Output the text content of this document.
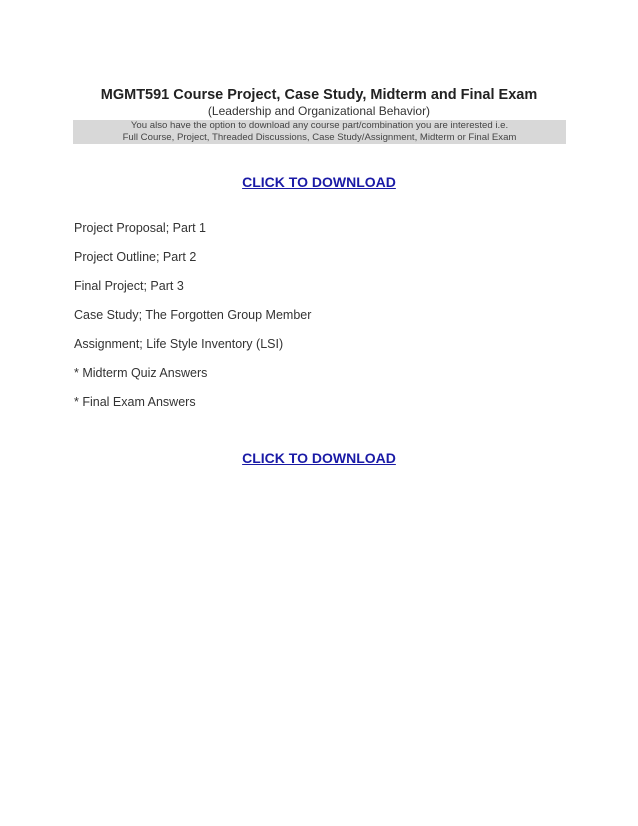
MGMT591 Course Project, Case Study, Midterm and Final Exam
(Leadership and Organizational Behavior)
You also have the option to download any course part/combination you are interested i.e.
Full Course, Project, Threaded Discussions, Case Study/Assignment, Midterm or Final Exam
CLICK TO DOWNLOAD
Project Proposal; Part 1
Project Outline; Part 2
Final Project; Part 3
Case Study; The Forgotten Group Member
Assignment; Life Style Inventory (LSI)
* Midterm Quiz Answers
* Final Exam Answers
CLICK TO DOWNLOAD
